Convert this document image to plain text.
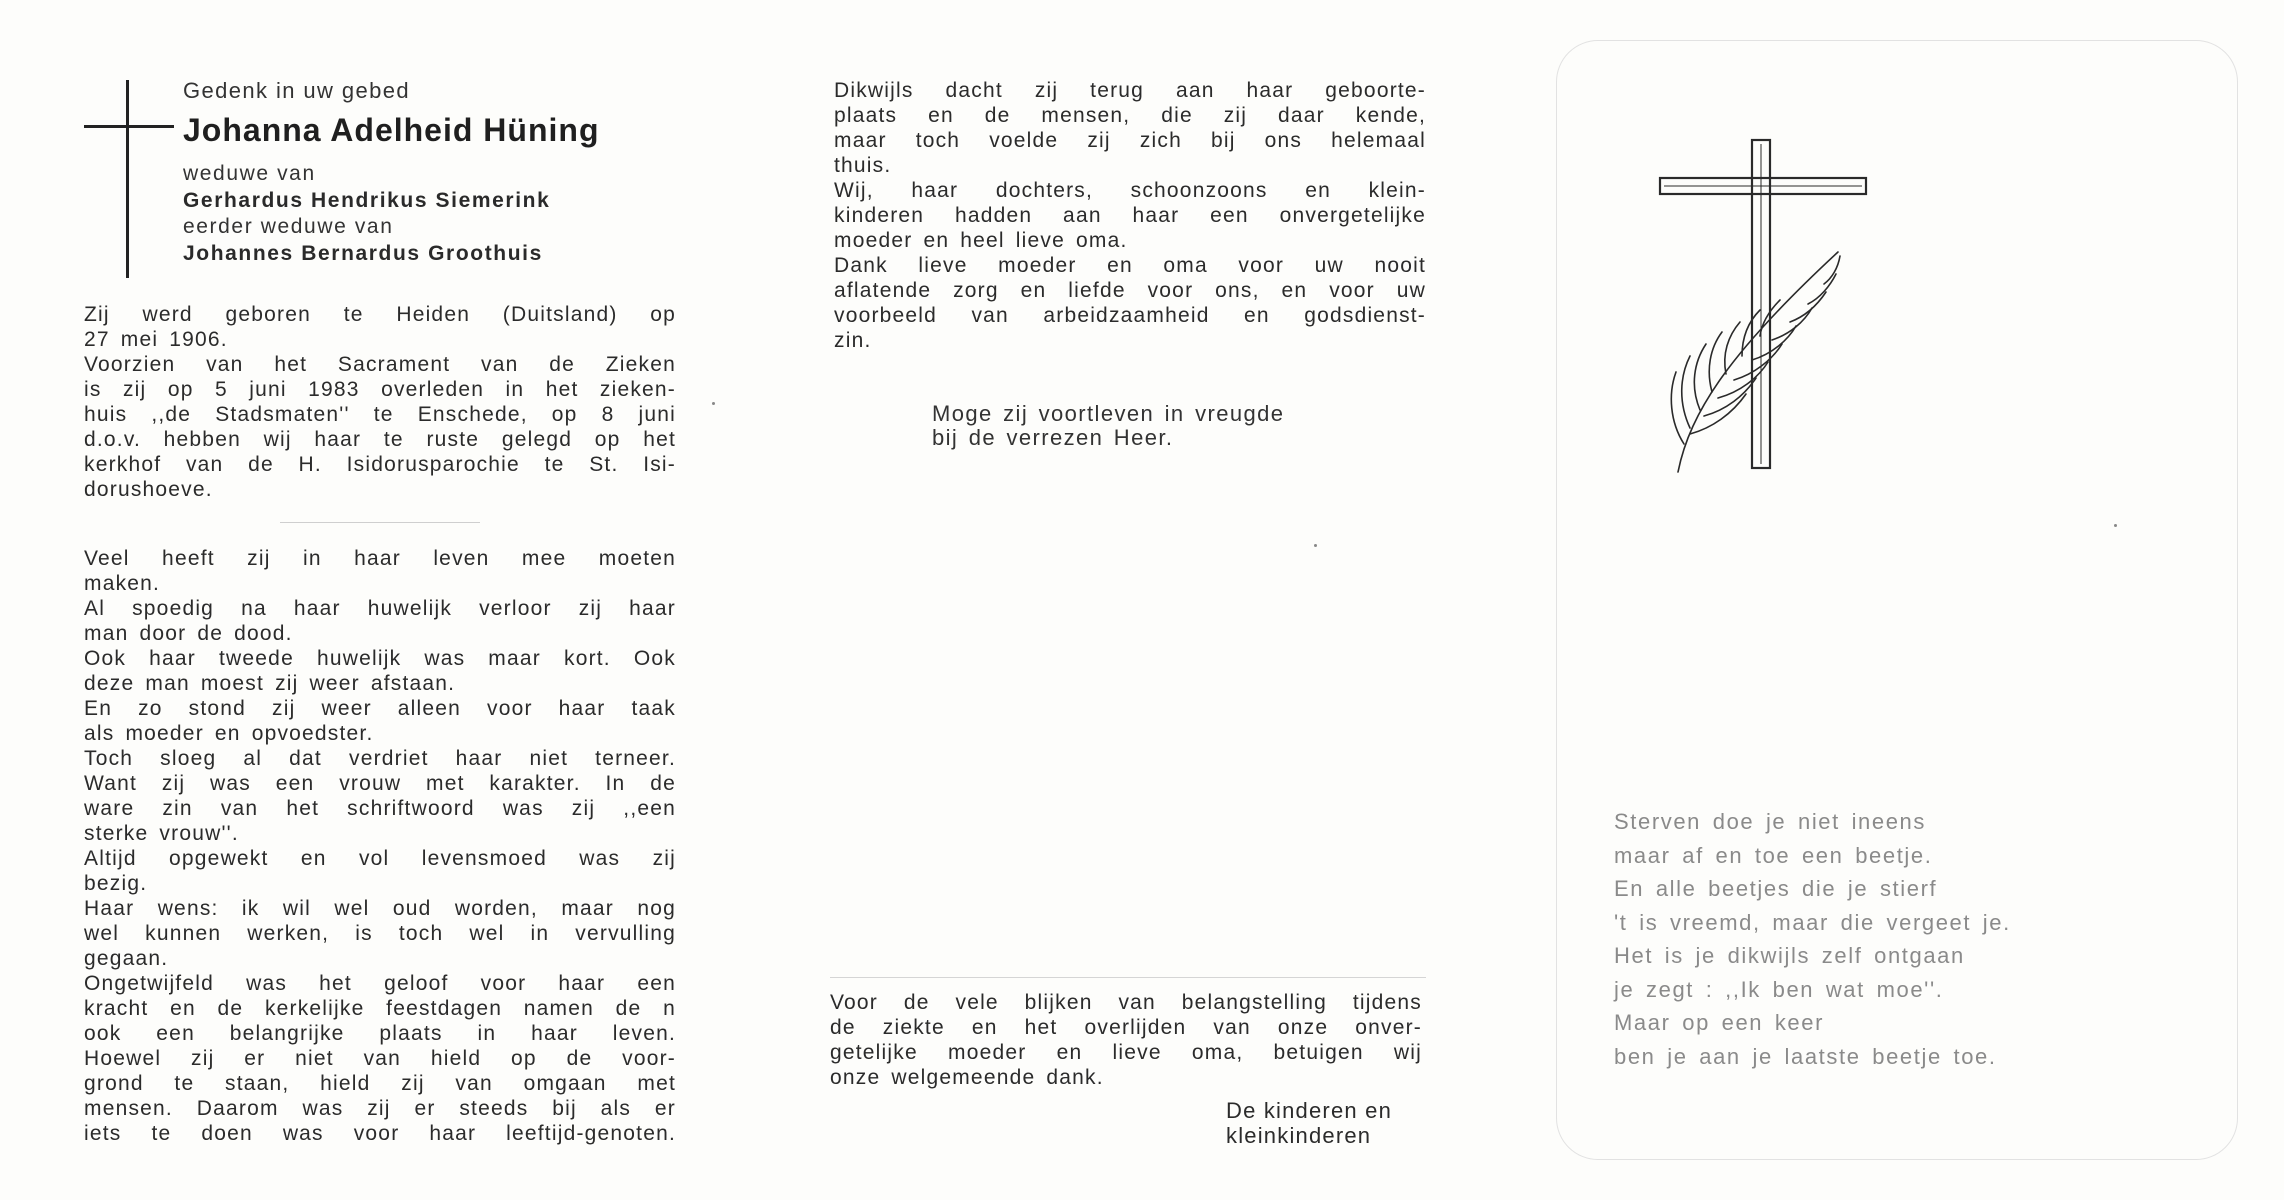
Gedenk in uw gebed

Johanna Adelheid Hüning

weduwe van

Gerhardus Hendrikus Siemerink

eerder weduwe van

Johannes Bernardus Groothuis

Zij werd geboren te Heiden (Duitsland) op
27 mei 1906.
Voorzien van het Sacrament van de Zieken
is zij op 5 juni 1983 overleden in het zieken-
huis ,,de Stadsmaten'' te Enschede, op 8 juni
d.o.v. hebben wij haar te ruste gelegd op het
kerkhof van de H. Isidorusparochie te St. Isi-
dorushoeve.
Veel heeft zij in haar leven mee moeten
maken.
Al spoedig na haar huwelijk verloor zij haar
man door de dood.
Ook haar tweede huwelijk was maar kort. Ook
deze man moest zij weer afstaan.
En zo stond zij weer alleen voor haar taak
als moeder en opvoedster.
Toch sloeg al dat verdriet haar niet terneer.
Want zij was een vrouw met karakter. In de
ware zin van het schriftwoord was zij ,,een
sterke vrouw''.
Altijd opgewekt en vol levensmoed was zij
bezig.
Haar wens: ik wil wel oud worden, maar nog
wel kunnen werken, is toch wel in vervulling
gegaan.
Ongetwijfeld was het geloof voor haar een
kracht en de kerkelijke feestdagen namen de n
ook een belangrijke plaats in haar leven.
Hoewel zij er niet van hield op de voor-
grond te staan, hield zij van omgaan met
mensen. Daarom was zij er steeds bij als er
iets te doen was voor haar leeftijd-genoten.
Dikwijls dacht zij terug aan haar geboorte-
plaats en de mensen, die zij daar kende,
maar toch voelde zij zich bij ons helemaal
thuis.
Wij, haar dochters, schoonzoons en klein-
kinderen hadden aan haar een onvergetelijke
moeder en heel lieve oma.
Dank lieve moeder en oma voor uw nooit
aflatende zorg en liefde voor ons, en voor uw
voorbeeld van arbeidzaamheid en godsdienst-
zin.

Moge zij voortleven in vreugde

bij de verrezen Heer.

Voor de vele blijken van belangstelling tijdens
de ziekte en het overlijden van onze onver-
getelijke moeder en lieve oma, betuigen wij
onze welgemeende dank.

De kinderen en

kleinkinderen

Sterven doe je niet ineens

maar af en toe een beetje.

En alle beetjes die je stierf

't is vreemd, maar die vergeet je.

Het is je dikwijls zelf ontgaan

je zegt : ,,Ik ben wat moe''.

Maar op een keer

ben je aan je laatste beetje toe.
